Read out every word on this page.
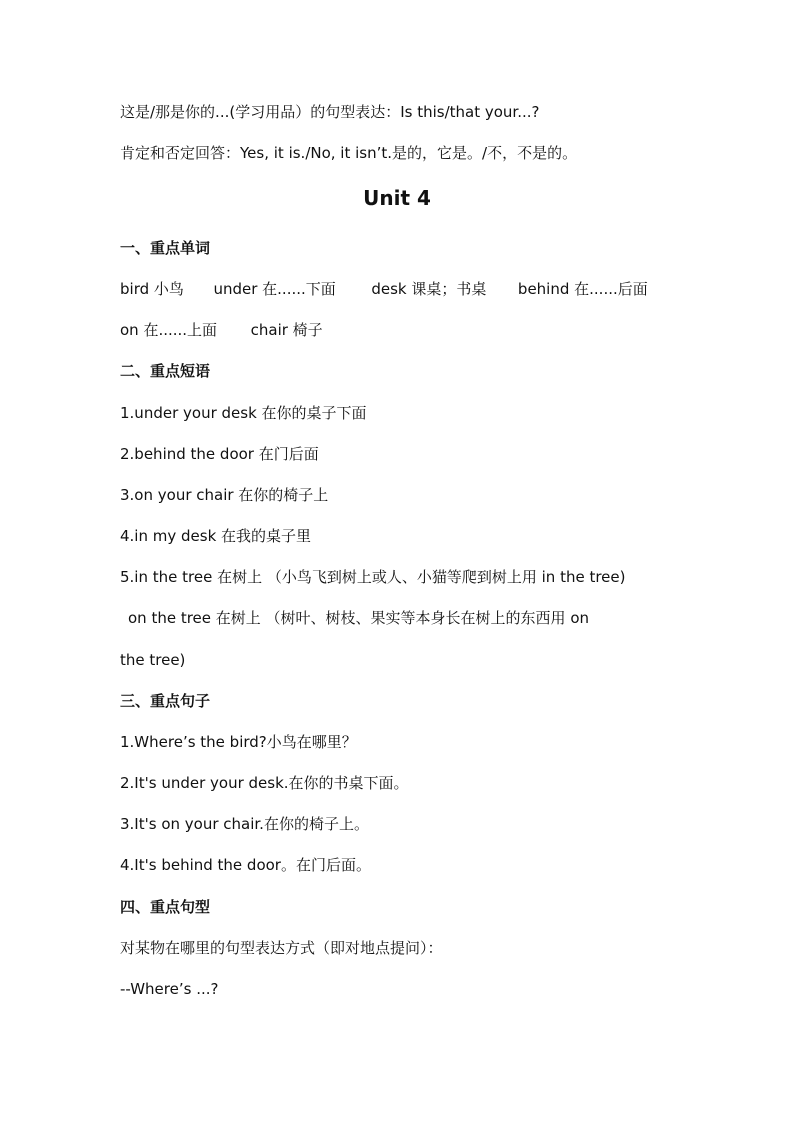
这是/那是你的...(学习用品）的句型表达：Is this/that your...?
肯定和否定回答：Yes, it is./No, it isn’t.是的，它是。/不，不是的。
Unit 4
一、重点单词
bird 小鸟 under 在......下面 desk 课桌；书桌 behind 在......后面
on 在......上面 chair 椅子
二、重点短语
1.under your desk 在你的桌子下面
2.behind the door 在门后面
3.on your chair 在你的椅子上
4.in my desk 在我的桌子里
5.in the tree 在树上 （小鸟飞到树上或人、小猫等爬到树上用 in the tree)
on the tree 在树上 （树叶、树枝、果实等本身长在树上的东西用 on
the tree)
三、重点句子
1.Where’s the bird?小鸟在哪里？
2.It's under your desk.在你的书桌下面。
3.It's on your chair.在你的椅子上。
4.It's behind the door。在门后面。
四、重点句型
对某物在哪里的句型表达方式（即对地点提问）：
--Where’s ...?
